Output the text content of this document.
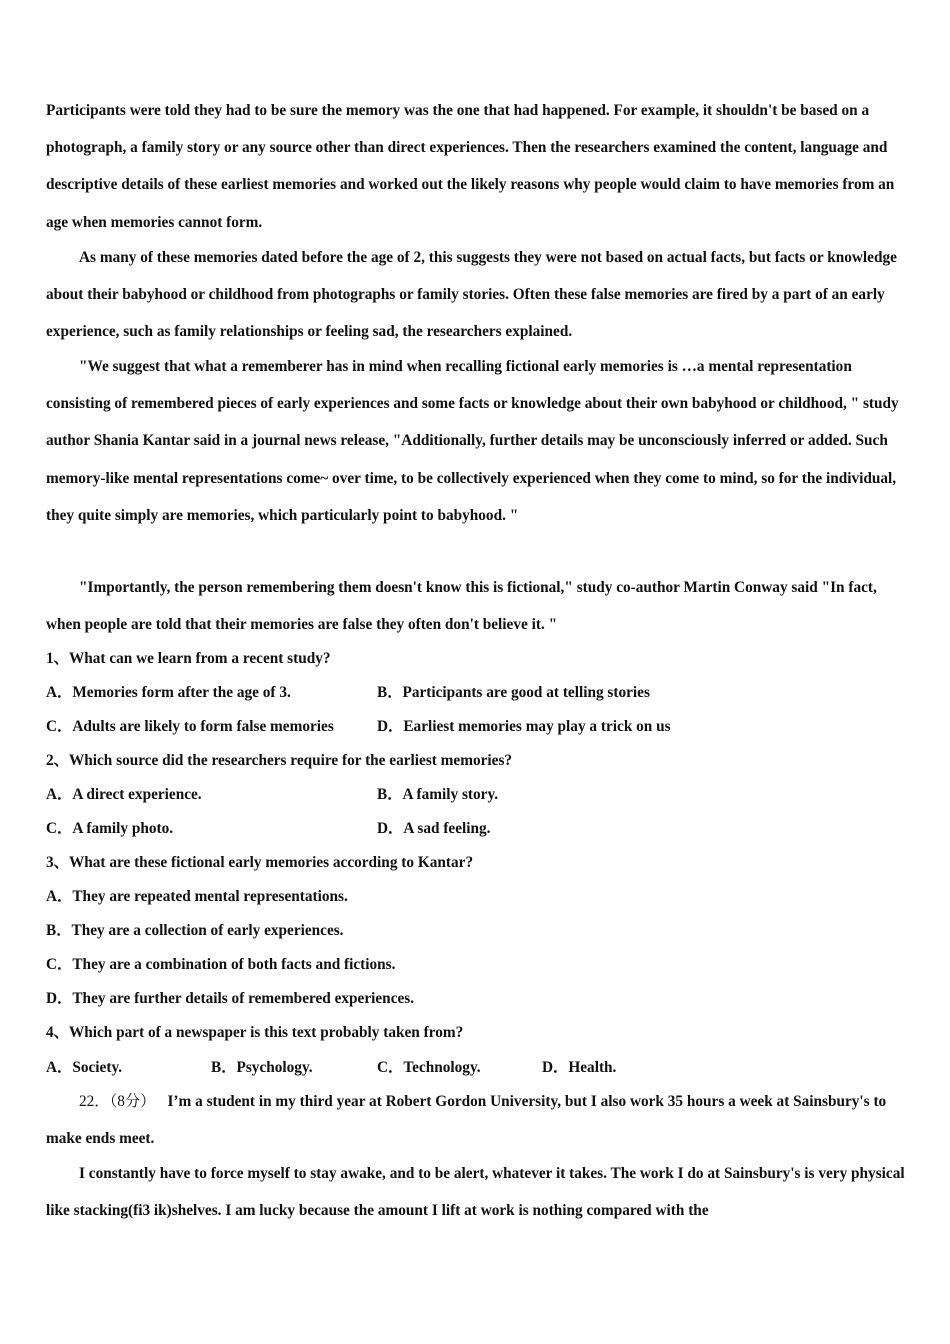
Participants were told they had to be sure the memory was the one that had happened. For example, it shouldn't be based on a photograph, a family story or any source other than direct experiences. Then the researchers examined the content, language and descriptive details of these earliest memories and worked out the likely reasons why people would claim to have memories from an age when memories cannot form.

As many of these memories dated before the age of 2, this suggests they were not based on actual facts, but facts or knowledge about their babyhood or childhood from photographs or family stories. Often these false memories are fired by a part of an early experience, such as family relationships or feeling sad, the researchers explained.

"We suggest that what a rememberer has in mind when recalling fictional early memories is …a mental representation consisting of remembered pieces of early experiences and some facts or knowledge about their own babyhood or childhood, " study author Shania Kantar said in a journal news release, "Additionally, further details may be unconsciously inferred or added. Such memory-like mental representations come~ over time, to be collectively experienced when they come to mind, so for the individual, they quite simply are memories, which particularly point to babyhood. "

"Importantly, the person remembering them doesn't know this is fictional," study co-author Martin Conway said "In fact, when people are told that their memories are false they often don't believe it. "

1、What can we learn from a recent study?
A．Memories form after the age of 3.	B．Participants are good at telling stories
C．Adults are likely to form false memories	D．Earliest memories may play a trick on us
2、Which source did the researchers require for the earliest memories?
A．A direct experience.	B．A family story.
C．A family photo.	D．A sad feeling.
3、What are these fictional early memories according to Kantar?
A．They are repeated mental representations.
B．They are a collection of early experiences.
C．They are a combination of both facts and fictions.
D．They are further details of remembered experiences.
4、Which part of a newspaper is this text probably taken from?
A．Society.	B．Psychology.	C．Technology.	D．Health.

22．（8分） I’m a student in my third year at Robert Gordon University, but I also work 35 hours a week at Sainsbury's to make ends meet.

I constantly have to force myself to stay awake, and to be alert, whatever it takes. The work I do at Sainsbury's is very physical like stacking(fi3 ik)shelves. I am lucky because the amount I lift at work is nothing compared with the
